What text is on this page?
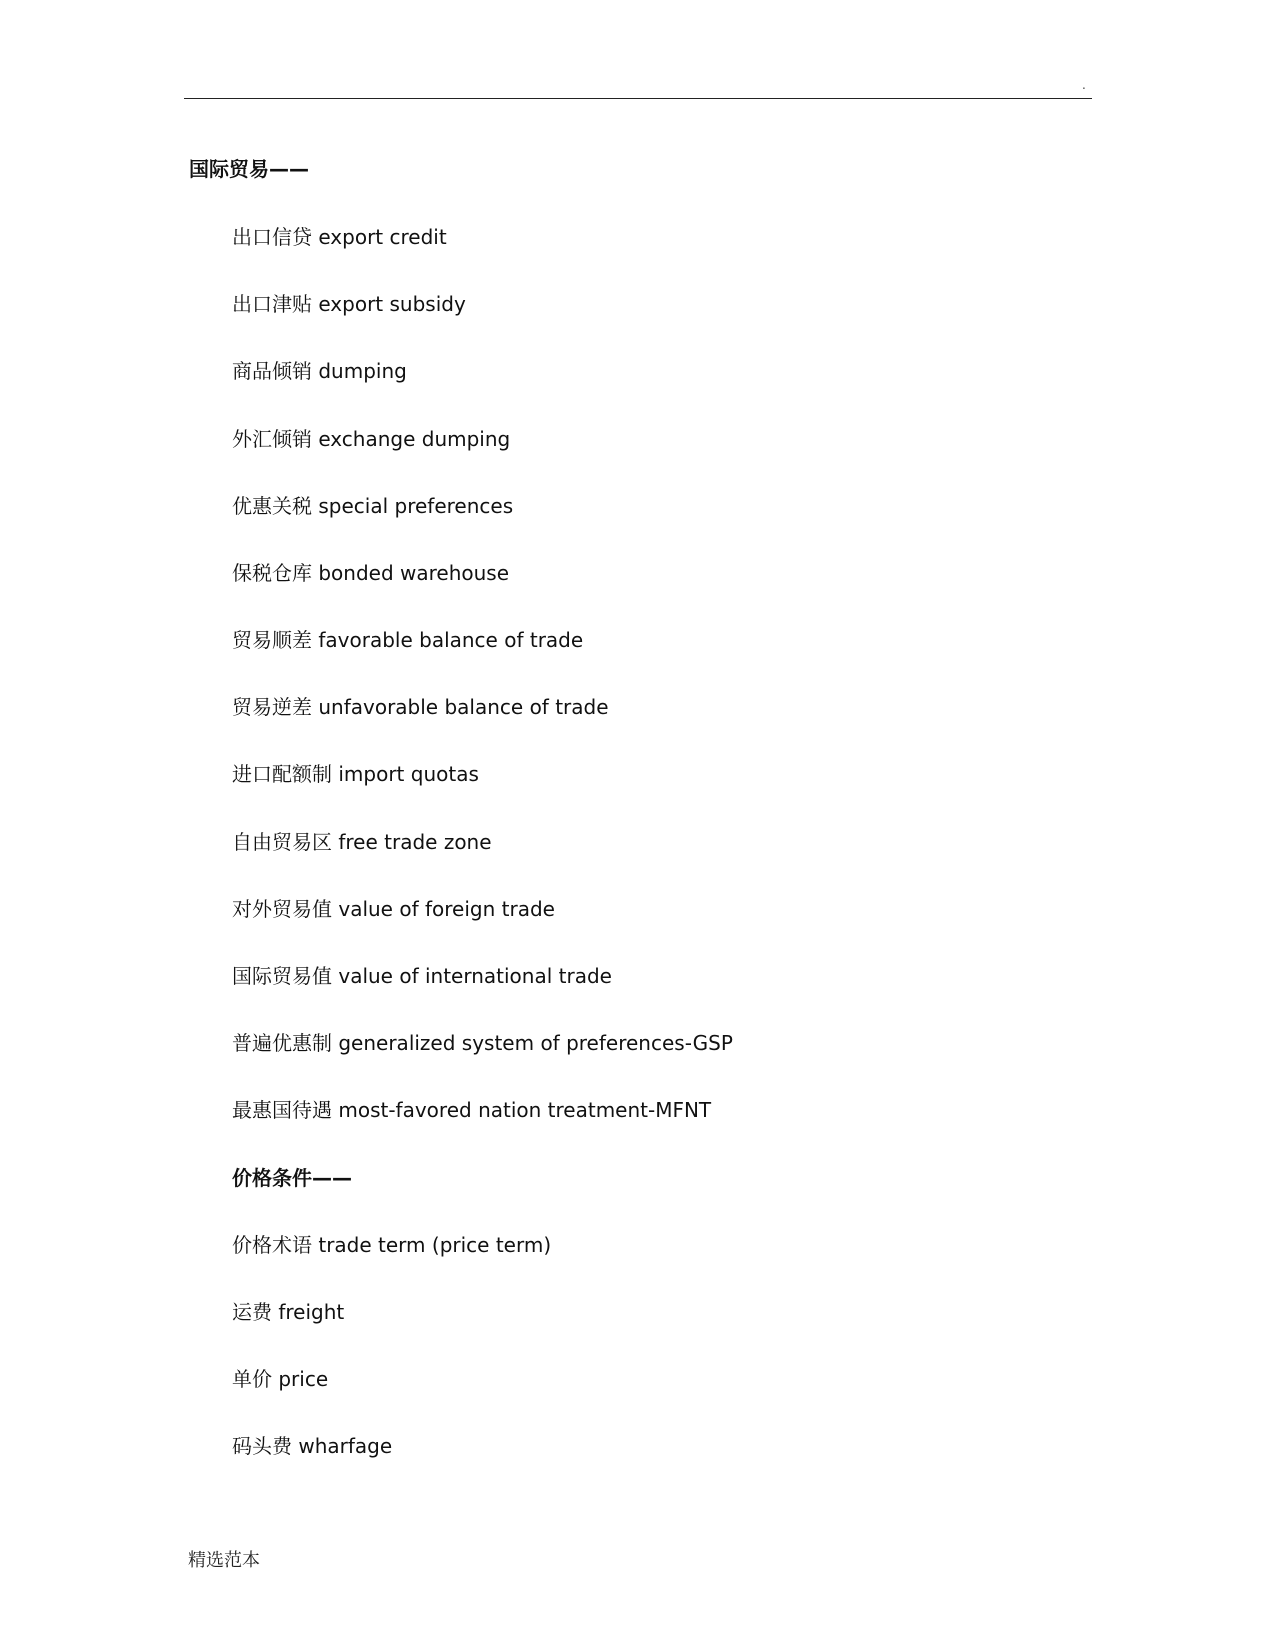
.
国际贸易——
出口信贷 export credit
出口津贴 export subsidy
商品倾销 dumping
外汇倾销 exchange dumping
优惠关税 special preferences
保税仓库 bonded warehouse
贸易顺差 favorable balance of trade
贸易逆差 unfavorable balance of trade
进口配额制 import quotas
自由贸易区 free trade zone
对外贸易值 value of foreign trade
国际贸易值 value of international trade
普遍优惠制 generalized system of preferences-GSP
最惠国待遇 most-favored nation treatment-MFNT
价格条件——
价格术语 trade term (price term)
运费 freight
单价 price
码头费 wharfage
精选范本
